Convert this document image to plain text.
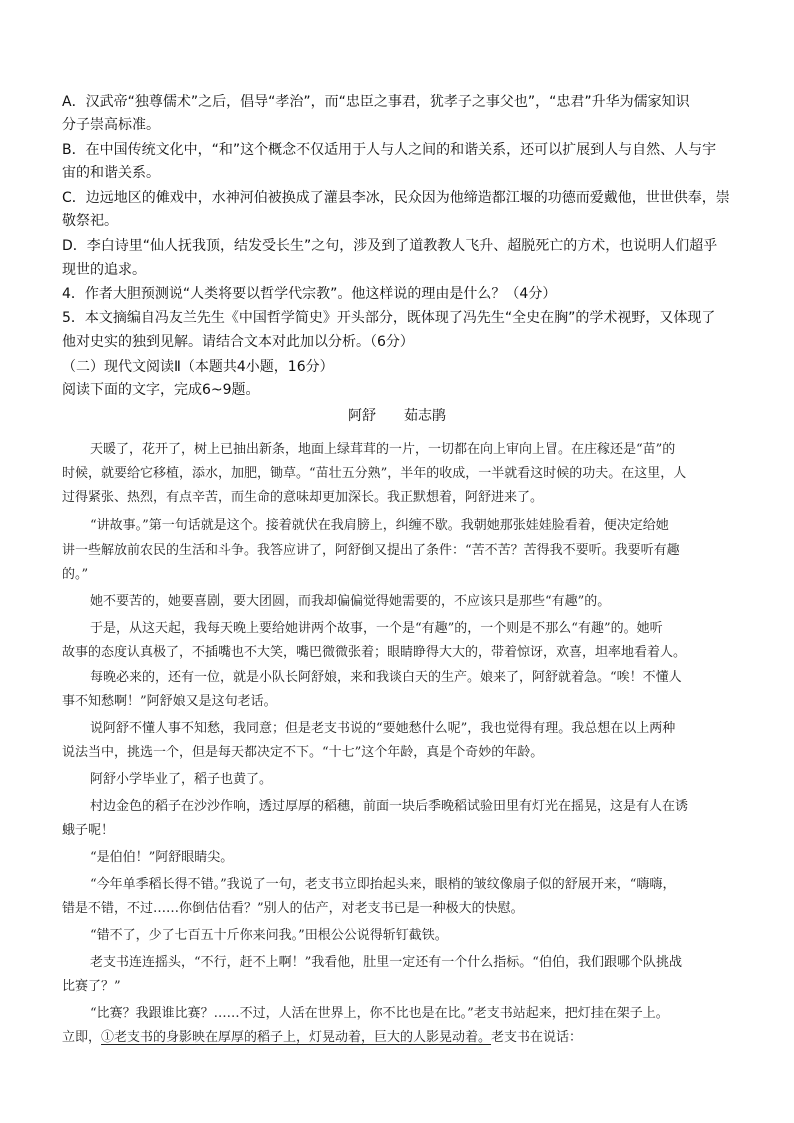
A．汉武帝“独尊儒术”之后，倡导“孝治”，而“忠臣之事君，犹孝子之事父也”，“忠君”升华为儒家知识
分子崇高标准。
B．在中国传统文化中，“和”这个概念不仅适用于人与人之间的和谐关系，还可以扩展到人与自然、人与宇
宙的和谐关系。
C．边远地区的傩戏中，水神河伯被换成了灌县李冰，民众因为他缔造都江堰的功德而爱戴他，世世供奉，崇
敬祭祀。
D．李白诗里“仙人抚我顶，结发受长生”之句，涉及到了道教教人飞升、超脱死亡的方术，也说明人们超乎
现世的追求。
4．作者大胆预测说“人类将要以哲学代宗教”。他这样说的理由是什么？（4分）
5．本文摘编自冯友兰先生《中国哲学简史》开头部分，既体现了冯先生“全史在胸”的学术视野，又体现了
他对史实的独到见解。请结合文本对此加以分析。（6分）
（二）现代文阅读Ⅱ（本题共4小题，16分）
阅读下面的文字，完成6~9题。
阿舒 茹志鹃
天暖了，花开了，树上已抽出新条，地面上绿茸茸的一片，一切都在向上审向上冒。在庄稼还是“苗”的
时候，就要给它移植，添水，加肥，锄草。“苗壮五分熟”，半年的收成，一半就看这时候的功夫。在这里，人
过得紧张、热烈，有点辛苦，而生命的意味却更加深长。我正默想着，阿舒进来了。
“讲故事。”第一句话就是这个。接着就伏在我肩膀上，纠缠不歇。我朝她那张娃娃脸看着，便决定给她
讲一些解放前农民的生活和斗争。我答应讲了，阿舒倒又提出了条件：“苦不苦？苦得我不要听。我要听有趣
的。”
她不要苦的，她要喜剧，要大团圆，而我却偏偏觉得她需要的，不应该只是那些“有趣”的。
于是，从这天起，我每天晚上要给她讲两个故事，一个是“有趣”的，一个则是不那么“有趣”的。她听
故事的态度认真极了，不插嘴也不大笑，嘴巴微微张着；眼睛睁得大大的，带着惊讶，欢喜，坦率地看着人。
每晚必来的，还有一位，就是小队长阿舒娘，来和我谈白天的生产。娘来了，阿舒就着急。“唉！不懂人
事不知愁啊！”阿舒娘又是这句老话。
说阿舒不懂人事不知愁，我同意；但是老支书说的“要她愁什么呢”，我也觉得有理。我总想在以上两种
说法当中，挑选一个，但是每天都决定不下。“十七”这个年龄，真是个奇妙的年龄。
阿舒小学毕业了，稻子也黄了。
村边金色的稻子在沙沙作响，透过厚厚的稻穗，前面一块后季晚稻试验田里有灯光在摇晃，这是有人在诱
蛾子呢！
“是伯伯！”阿舒眼睛尖。
“今年单季稻长得不错。”我说了一句，老支书立即抬起头来，眼梢的皱纹像扇子似的舒展开来，“嗨嗨，
错是不错，不过……你倒估估看？”别人的估产，对老支书已是一种极大的快慰。
“错不了，少了七百五十斤你来问我。”田根公公说得斩钉截铁。
老支书连连摇头，“不行，赶不上啊！”我看他，肚里一定还有一个什么指标。“伯伯，我们跟哪个队挑战
比赛了？”
“比赛？我跟谁比赛？……不过，人活在世界上，你不比也是在比。”老支书站起来，把灯挂在架子上。
立即，①老支书的身影映在厚厚的稻子上，灯晃动着，巨大的人影晃动着。老支书在说话：
